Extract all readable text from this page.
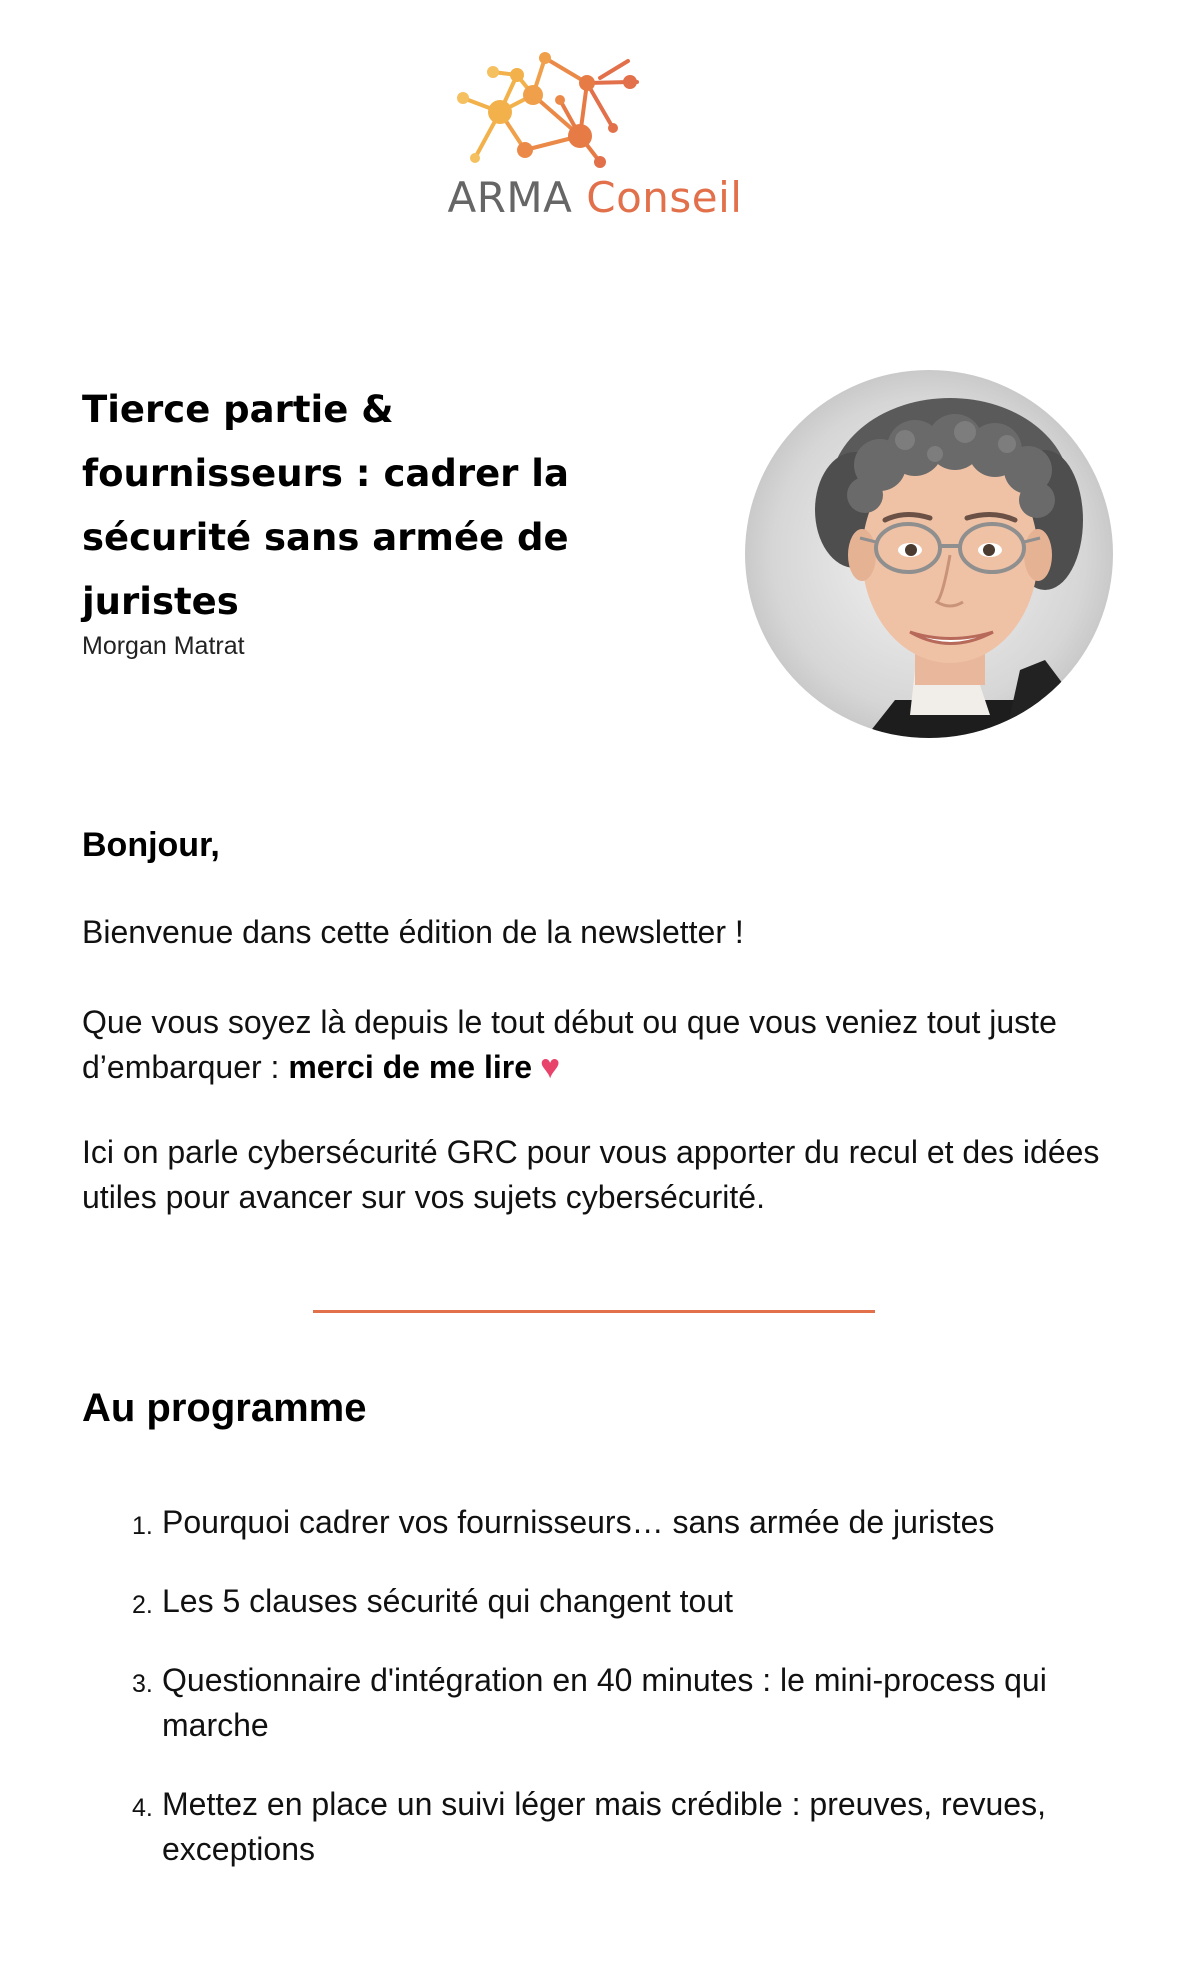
ARMA Conseil
Tierce partie & fournisseurs : cadrer la sécurité sans armée de juristes
Morgan Matrat

Bonjour,

Bienvenue dans cette édition de la newsletter !

Que vous soyez là depuis le tout début ou que vous veniez tout juste d’embarquer : merci de me lire ♥

Ici on parle cybersécurité GRC pour vous apporter du recul et des idées utiles pour avancer sur vos sujets cybersécurité.

Au programme
1. Pourquoi cadrer vos fournisseurs… sans armée de juristes
2. Les 5 clauses sécurité qui changent tout
3. Questionnaire d'intégration en 40 minutes : le mini-process qui marche
4. Mettez en place un suivi léger mais crédible : preuves, revues, exceptions
